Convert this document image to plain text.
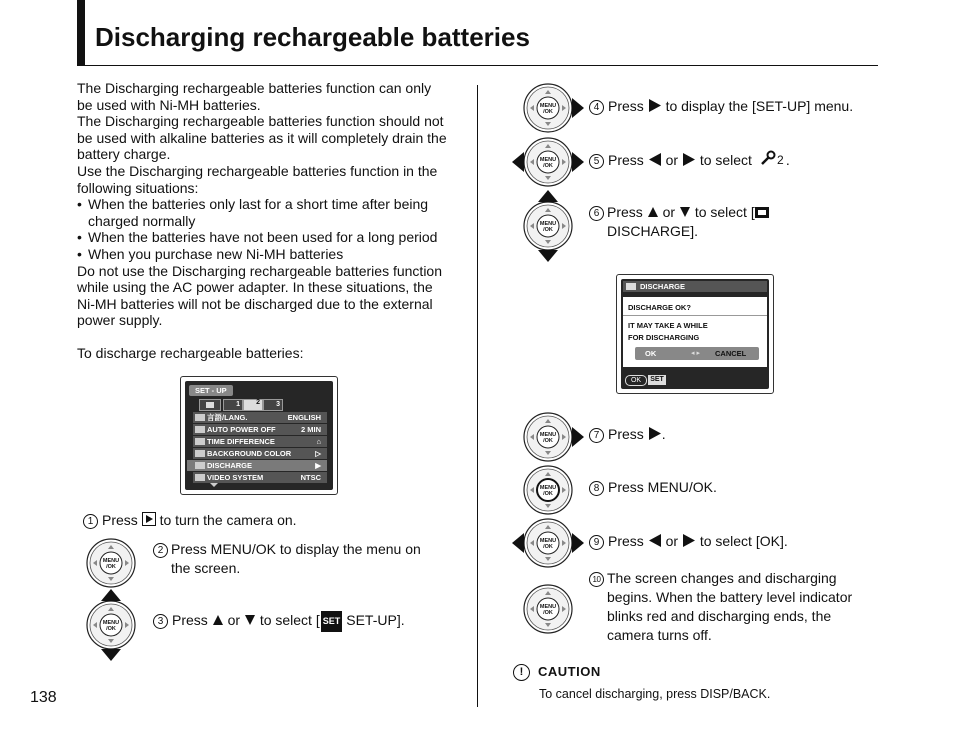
Discharging rechargeable batteries

The Discharging rechargeable batteries function can only be used with Ni-MH batteries.

The Discharging rechargeable batteries function should not be used with alkaline batteries as it will completely drain the battery charge.

Use the Discharging rechargeable batteries function in the following situations:

• When the batteries only last for a short time after being charged normally
• When the batteries have not been used for a long period
• When you purchase new Ni-MH batteries

Do not use the Discharging rechargeable batteries function while using the AC power adapter. In these situations, the Ni-MH batteries will not be discharged due to the external power supply.

To discharge rechargeable batteries:

SET - UP
1 2 3
言語/LANG.	ENGLISH
AUTO POWER OFF	2 MIN
TIME DIFFERENCE	⌂
BACKGROUND COLOR	▷
DISCHARGE	▶
VIDEO SYSTEM	NTSC
DISCHARGE
DISCHARGE OK?
IT MAY TAKE A WHILE
FOR DISCHARGING
OK	◂ ▸ CANCEL
OK	SET
MENU
/OK
MENU
/OK
MENU
/OK
MENU
/OK
MENU
/OK
MENU
/OK
MENU
/OK
MENU
/OK
MENU
/OK
1 Press to turn the camera on.
2 Press MENU/OK to display the menu on the screen.
3 Press or to select [ SET SET-UP].
4 Press to display the [SET-UP] menu.
5 Press or to select 2 .
6 Press or to select [

DISCHARGE].
7 Press .
8 Press MENU/OK.
9 Press or to select [OK].
10 The screen changes and discharging begins. When the battery level indicator blinks red and discharging ends, the camera turns off.
!	CAUTION
To cancel discharging, press DISP/BACK.
138
